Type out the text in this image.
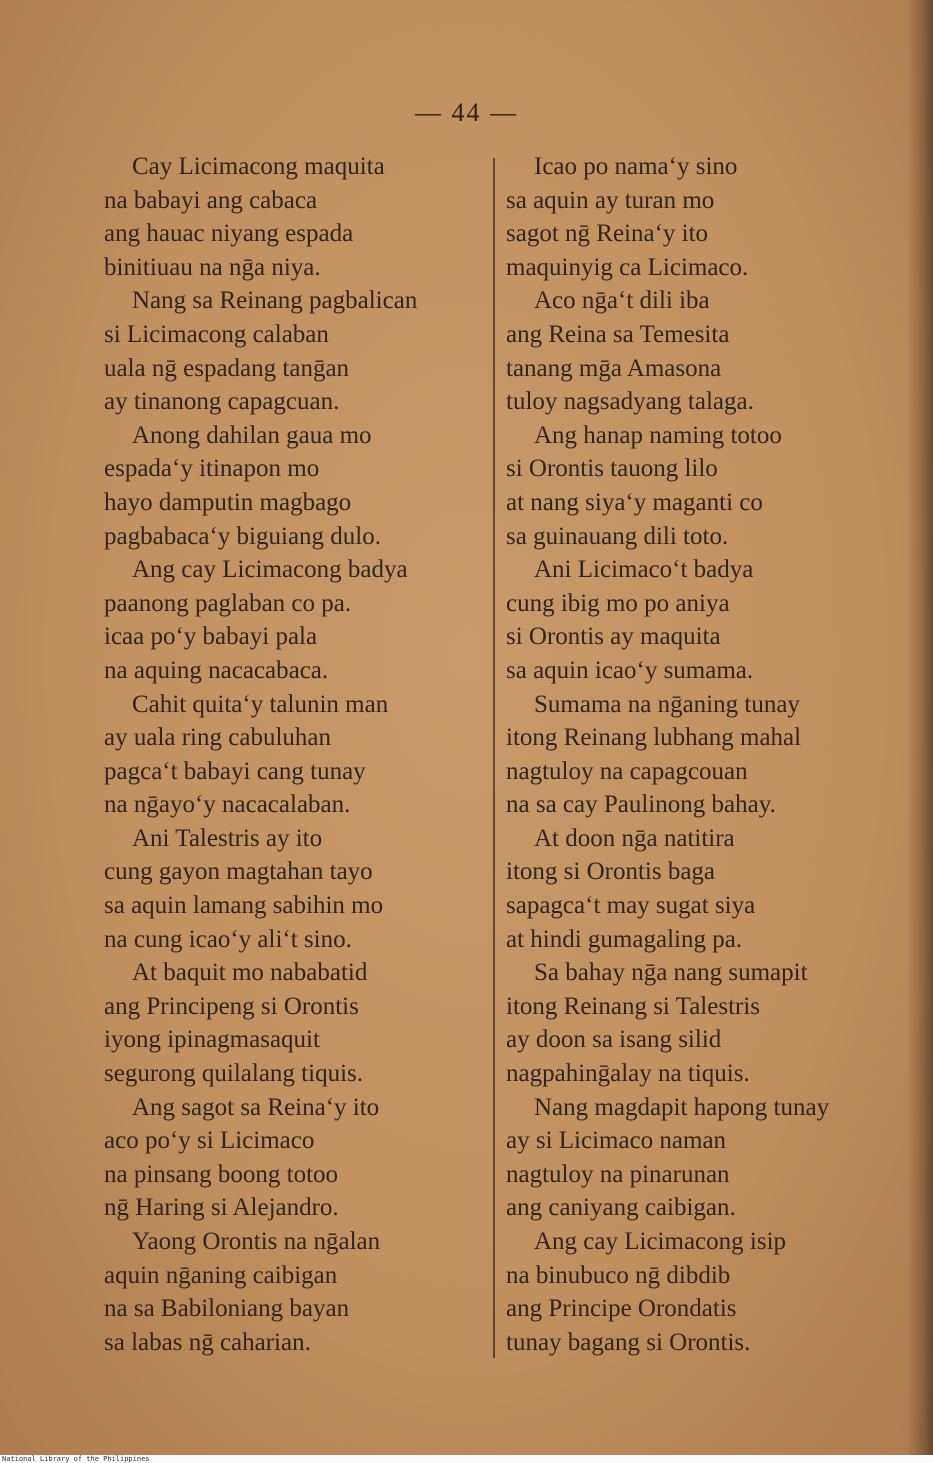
— 44 —
Cay Licimacong maquita
na babayi ang cabaca
ang hauac niyang espada
binitiuau na nḡa niya.
Nang sa Reinang pagbalican
si Licimacong calaban
uala nḡ espadang tanḡan
ay tinanong capagcuan.
Anong dahilan gaua mo
espada‘y itinapon mo
hayo damputin magbago
pagbabaca‘y biguiang dulo.
Ang cay Licimacong badya
paanong paglaban co pa.
icaa po‘y babayi pala
na aquing nacacabaca.
Cahit quita‘y talunin man
ay uala ring cabuluhan
pagca‘t babayi cang tunay
na nḡayo‘y nacacalaban.
Ani Talestris ay ito
cung gayon magtahan tayo
sa aquin lamang sabihin mo
na cung icao‘y ali‘t sino.
At baquit mo nababatid
ang Principeng si Orontis
iyong ipinagmasaquit
segurong quilalang tiquis.
Ang sagot sa Reina‘y ito
aco po‘y si Licimaco
na pinsang boong totoo
nḡ Haring si Alejandro.
Yaong Orontis na nḡalan
aquin nḡaning caibigan
na sa Babiloniang bayan
sa labas nḡ caharian.
Icao po nama‘y sino
sa aquin ay turan mo
sagot nḡ Reina‘y ito
maquinyig ca Licimaco.
Aco nḡa‘t dili iba
ang Reina sa Temesita
tanang mḡa Amasona
tuloy nagsadyang talaga.
Ang hanap naming totoo
si Orontis tauong lilo
at nang siya‘y maganti co
sa guinauang dili toto.
Ani Licimaco‘t badya
cung ibig mo po aniya
si Orontis ay maquita
sa aquin icao‘y sumama.
Sumama na nḡaning tunay
itong Reinang lubhang mahal
nagtuloy na capagcouan
na sa cay Paulinong bahay.
At doon nḡa natitira
itong si Orontis baga
sapagca‘t may sugat siya
at hindi gumagaling pa.
Sa bahay nḡa nang sumapit
itong Reinang si Talestris
ay doon sa isang silid
nagpahinḡalay na tiquis.
Nang magdapit hapong tunay
ay si Licimaco naman
nagtuloy na pinarunan
ang caniyang caibigan.
Ang cay Licimacong isip
na binubuco nḡ dibdib
ang Principe Orondatis
tunay bagang si Orontis.
National Library of the Philippines
